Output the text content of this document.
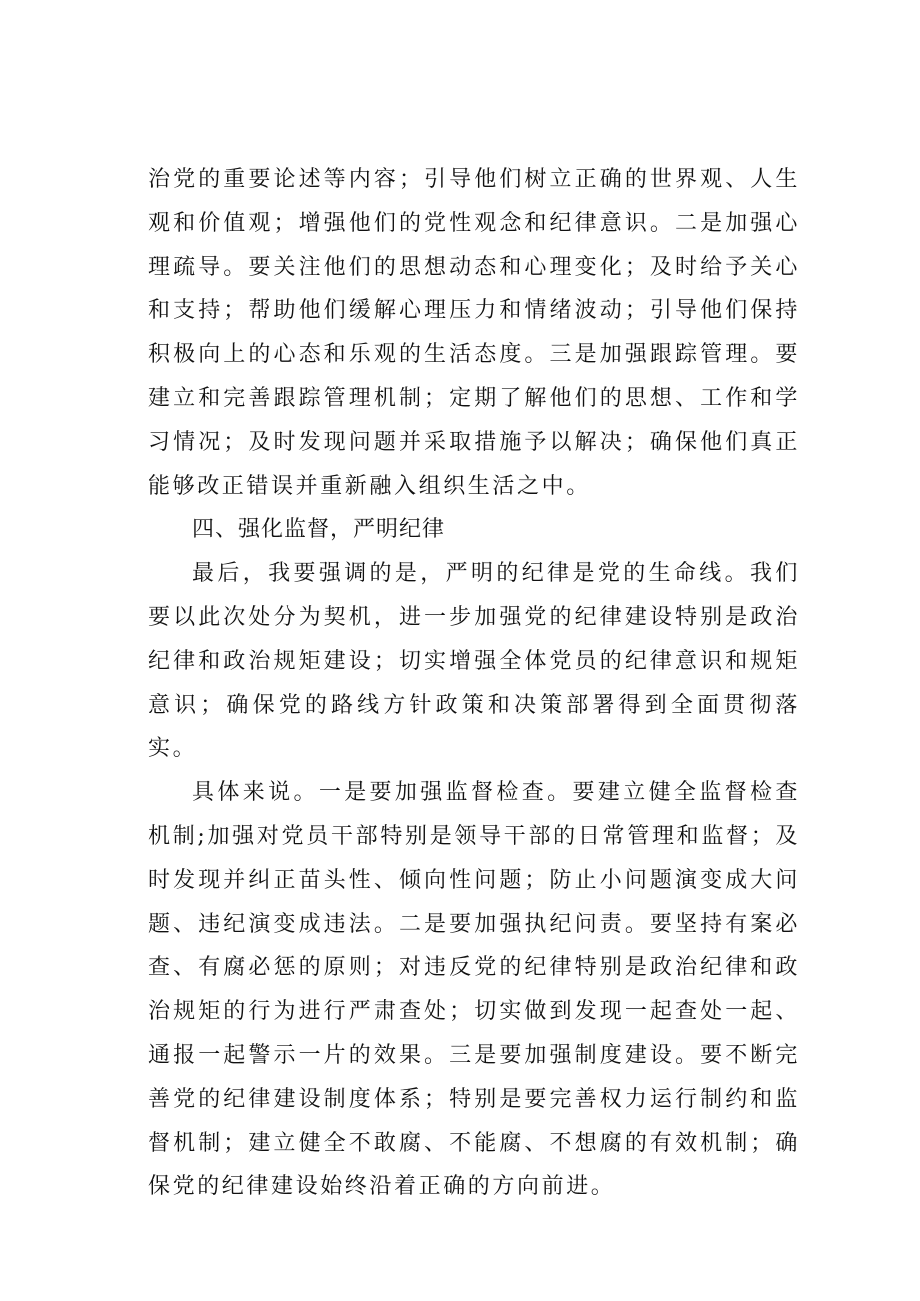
治党的重要论述等内容；引导他们树立正确的世界观、人生观和价值观；增强他们的党性观念和纪律意识。二是加强心理疏导。要关注他们的思想动态和心理变化；及时给予关心和支持；帮助他们缓解心理压力和情绪波动；引导他们保持积极向上的心态和乐观的生活态度。三是加强跟踪管理。要建立和完善跟踪管理机制；定期了解他们的思想、工作和学习情况；及时发现问题并采取措施予以解决；确保他们真正能够改正错误并重新融入组织生活之中。

四、强化监督，严明纪律

最后，我要强调的是，严明的纪律是党的生命线。我们要以此次处分为契机，进一步加强党的纪律建设特别是政治纪律和政治规矩建设；切实增强全体党员的纪律意识和规矩意识；确保党的路线方针政策和决策部署得到全面贯彻落实。

具体来说。一是要加强监督检查。要建立健全监督检查机制;加强对党员干部特别是领导干部的日常管理和监督；及时发现并纠正苗头性、倾向性问题；防止小问题演变成大问题、违纪演变成违法。二是要加强执纪问责。要坚持有案必查、有腐必惩的原则；对违反党的纪律特别是政治纪律和政治规矩的行为进行严肃查处；切实做到发现一起查处一起、通报一起警示一片的效果。三是要加强制度建设。要不断完善党的纪律建设制度体系；特别是要完善权力运行制约和监督机制；建立健全不敢腐、不能腐、不想腐的有效机制；确保党的纪律建设始终沿着正确的方向前进。
